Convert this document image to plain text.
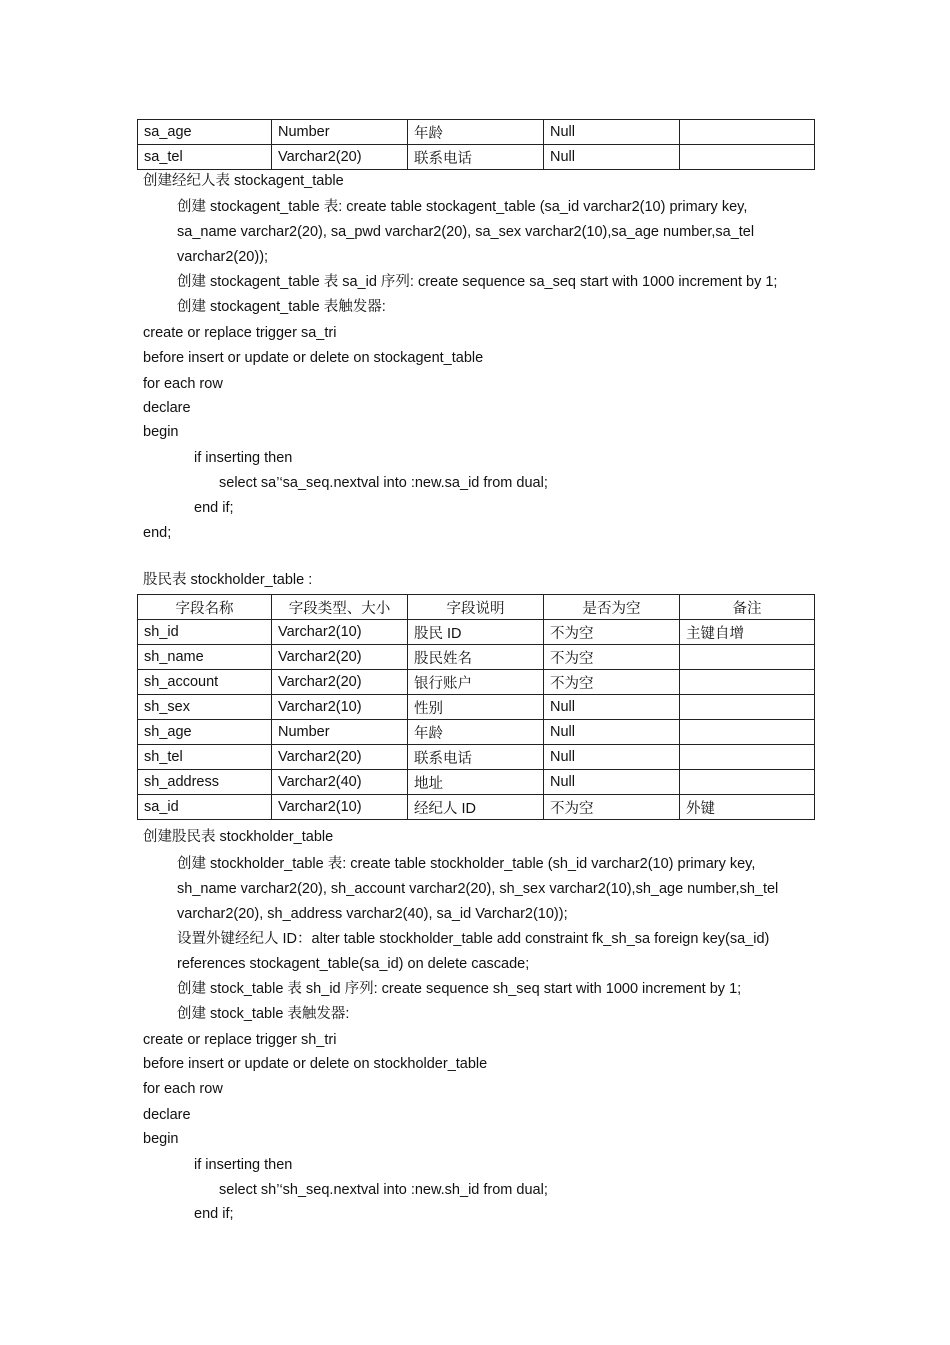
sa_age	Number	年龄	Null	
sa_tel	Varchar2(20)	联系电话	Null	
创建经纪人表 stockagent_table
创建 stockagent_table 表: create table stockagent_table (sa_id varchar2(10) primary key,
sa_name varchar2(20), sa_pwd varchar2(20), sa_sex varchar2(10),sa_age number,sa_tel
varchar2(20));
创建 stockagent_table 表 sa_id 序列: create sequence sa_seq start with 1000 increment by 1;
创建 stockagent_table 表触发器:
create or replace trigger sa_tri
before insert or update or delete on stockagent_table
for each row
declare
begin
if inserting then
select sa’‘sa_seq.nextval into :new.sa_id from dual;
end if;
end;
股民表 stockholder_table :
字段名称	字段类型、大小	字段说明	是否为空	备注
sh_id	Varchar2(10)	股民 ID	不为空	主键自增
sh_name	Varchar2(20)	股民姓名	不为空	
sh_account	Varchar2(20)	银行账户	不为空	
sh_sex	Varchar2(10)	性别	Null	
sh_age	Number	年龄	Null	
sh_tel	Varchar2(20)	联系电话	Null	
sh_address	Varchar2(40)	地址	Null	
sa_id	Varchar2(10)	经纪人 ID	不为空	外键
创建股民表 stockholder_table
创建 stockholder_table 表: create table stockholder_table (sh_id varchar2(10) primary key,
sh_name varchar2(20), sh_account varchar2(20), sh_sex varchar2(10),sh_age number,sh_tel
varchar2(20), sh_address varchar2(40), sa_id Varchar2(10));
设置外键经纪人 ID：alter table stockholder_table add constraint fk_sh_sa foreign key(sa_id)
references stockagent_table(sa_id) on delete cascade;
创建 stock_table 表 sh_id 序列: create sequence sh_seq start with 1000 increment by 1;
创建 stock_table 表触发器:
create or replace trigger sh_tri
before insert or update or delete on stockholder_table
for each row
declare
begin
if inserting then
select sh’‘sh_seq.nextval into :new.sh_id from dual;
end if;
